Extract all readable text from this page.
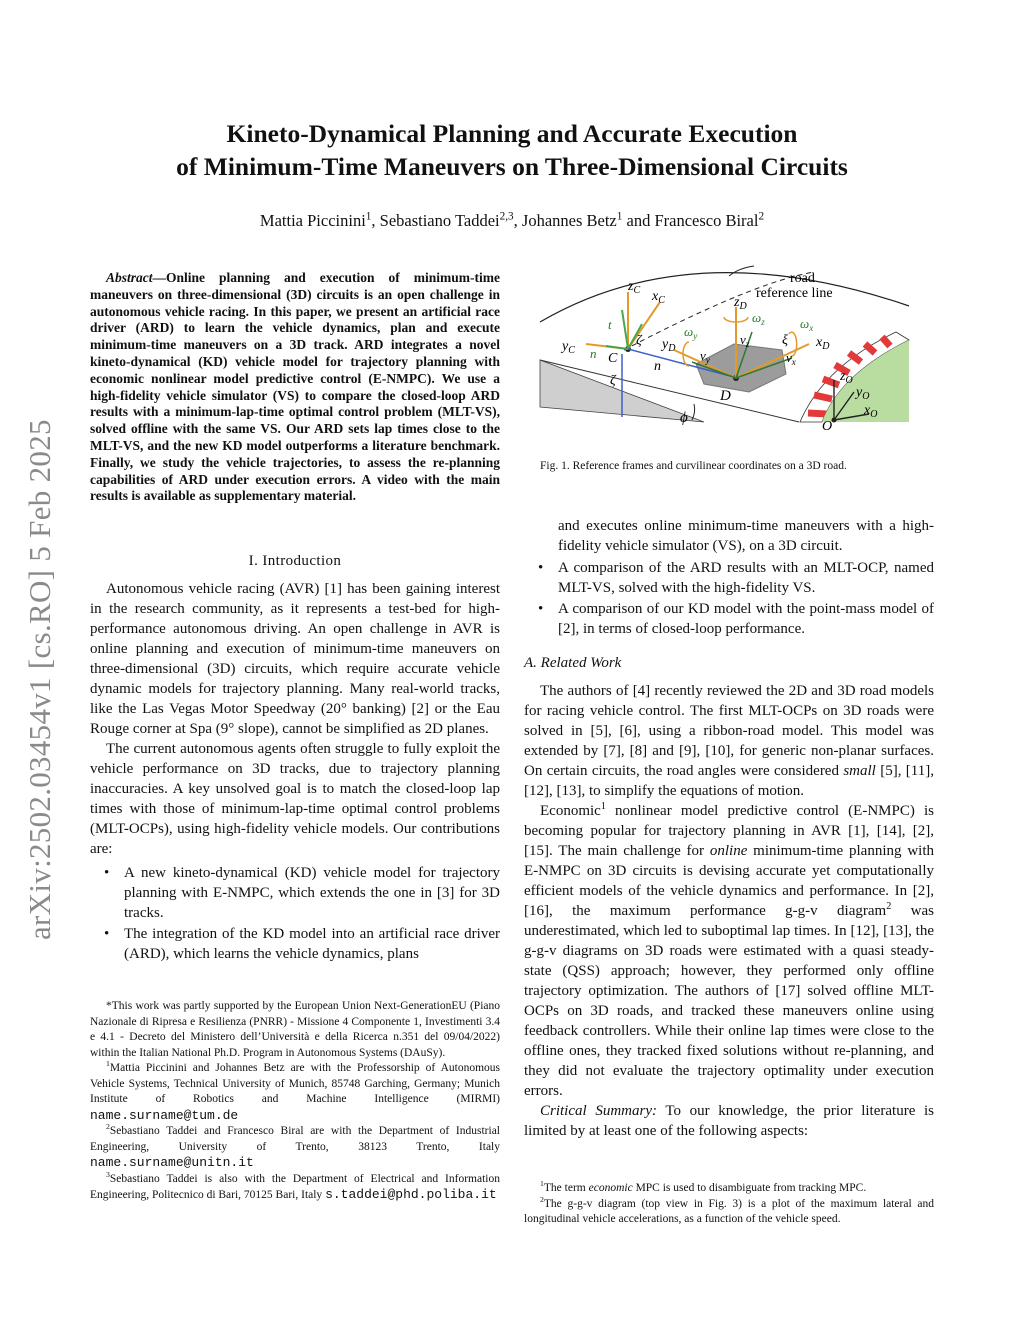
Kineto-Dynamical Planning and Accurate Execution
of Minimum-Time Maneuvers on Three-Dimensional Circuits
Mattia Piccinini$^1$, Sebastiano Taddei$^{2,3}$, Johannes Betz$^1$ and Francesco Biral$^2$
arXiv:2502.03454v1 [cs.RO] 5 Feb 2025

Abstract—Online planning and execution of minimum-time maneuvers on three-dimensional (3D) circuits is an open challenge in autonomous vehicle racing. In this paper, we present an artificial race driver (ARD) to learn the vehicle dynamics, plan and execute minimum-time maneuvers on a 3D track. ARD integrates a novel kineto-dynamical (KD) vehicle model for trajectory planning with economic nonlinear model predictive control (E-NMPC). We use a high-fidelity vehicle simulator (VS) to compare the closed-loop ARD results with a minimum-lap-time optimal control problem (MLT-VS), solved offline with the same VS. Our ARD sets lap times close to the MLT-VS, and the new KD model outperforms a literature benchmark. Finally, we study the vehicle trajectories, to assess the re-planning capabilities of ARD under execution errors. A video with the main results is available as supplementary material.

I. Introduction

Autonomous vehicle racing (AVR) [1] has been gaining interest in the research community, as it represents a test-bed for high-performance autonomous driving. An open challenge in AVR is online planning and execution of minimum-time maneuvers on three-dimensional (3D) circuits, which require accurate vehicle dynamic models for trajectory planning. Many real-world tracks, like the Las Vegas Motor Speedway (20° banking) [2] or the Eau Rouge corner at Spa (9° slope), cannot be simplified as 2D planes.

The current autonomous agents often struggle to fully exploit the vehicle performance on 3D tracks, due to trajectory planning inaccuracies. A key unsolved goal is to match the closed-loop lap times with those of minimum-lap-time optimal control problems (MLT-OCPs), using high-fidelity vehicle models. Our contributions are:

• A new kineto-dynamical (KD) vehicle model for trajectory planning with E-NMPC, which extends the one in [3] for 3D tracks.
• The integration of the KD model into an artificial race driver (ARD), which learns the vehicle dynamics, plans

*This work was partly supported by the European Union Next-GenerationEU (Piano Nazionale di Ripresa e Resilienza (PNRR) - Missione 4 Componente 1, Investimenti 3.4 e 4.1 - Decreto del Ministero dell’Università e della Ricerca n.351 del 09/04/2022) within the Italian National Ph.D. Program in Autonomous Systems (DAuSy).

$^1$Mattia Piccinini and Johannes Betz are with the Professorship of Autonomous Vehicle Systems, Technical University of Munich, 85748 Garching, Germany; Munich Institute of Robotics and Machine Intelligence (MIRMI) name.surname@tum.de

$^2$Sebastiano Taddei and Francesco Biral are with the Department of Industrial Engineering, University of Trento, 38123 Trento, Italy name.surname@unitn.it

$^3$Sebastiano Taddei is also with the Department of Electrical and Information Engineering, Politecnico di Bari, 70125 Bari, Italy s.taddei@phd.poliba.it

road
reference line
D
$z_C$ $x_C$
$y_C$
C
ζ
t
n
ζ
n
$z_D$
$\omega_z$
$v_z$
$\omega_y$
$y_D$ $v_y$
ξ
$v_x$
$\omega_x$
$x_D$
$z_O$
$y_O$
$x_O$
O
ϕ
Fig. 1. Reference frames and curvilinear coordinates on a 3D road.

and executes online minimum-time maneuvers with a high-fidelity vehicle simulator (VS), on a 3D circuit.

• A comparison of the ARD results with an MLT-OCP, named MLT-VS, solved with the high-fidelity VS.
• A comparison of our KD model with the point-mass model of [2], in terms of closed-loop performance.
A. Related Work

The authors of [4] recently reviewed the 2D and 3D road models for racing vehicle control. The first MLT-OCPs on 3D roads were solved in [5], [6], using a ribbon-road model. This model was extended by [7], [8] and [9], [10], for generic non-planar surfaces. On certain circuits, the road angles were considered small [5], [11], [12], [13], to simplify the equations of motion.

Economic$^1$ nonlinear model predictive control (E-NMPC) is becoming popular for trajectory planning in AVR [1], [14], [2], [15]. The main challenge for online minimum-time planning with E-NMPC on 3D circuits is devising accurate yet computationally efficient models of the vehicle dynamics and performance. In [2], [16], the maximum performance g-g-v diagram$^2$ was underestimated, which led to suboptimal lap times. In [12], [13], the g-g-v diagrams on 3D roads were estimated with a quasi steady-state (QSS) approach; however, they performed only offline trajectory optimization. The authors of [17] solved offline MLT-OCPs on 3D roads, and tracked these maneuvers online using feedback controllers. While their online lap times were close to the offline ones, they tracked fixed solutions without re-planning, and they did not evaluate the trajectory optimality under execution errors.

Critical Summary: To our knowledge, the prior literature is limited by at least one of the following aspects:

$^1$The term economic MPC is used to disambiguate from tracking MPC.

$^2$The g-g-v diagram (top view in Fig. 3) is a plot of the maximum lateral and longitudinal vehicle accelerations, as a function of the vehicle speed.
